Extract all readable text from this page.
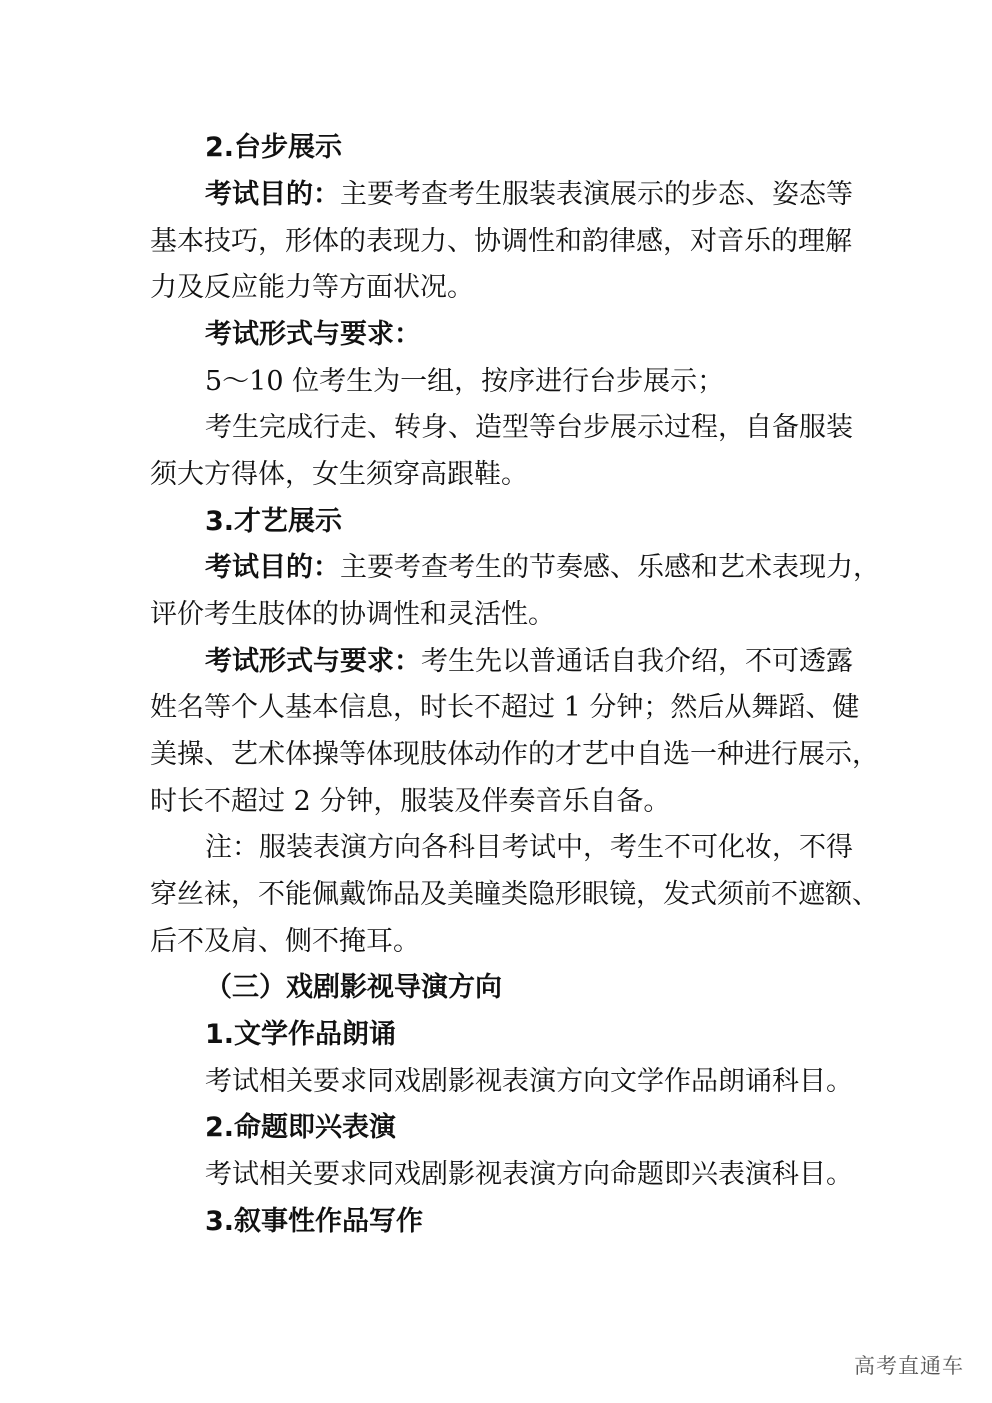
2.台步展示
考试目的：主要考查考生服装表演展示的步态、姿态等
基本技巧，形体的表现力、协调性和韵律感，对音乐的理解
力及反应能力等方面状况。
考试形式与要求：
5～10 位考生为一组，按序进行台步展示；
考生完成行走、转身、造型等台步展示过程，自备服装
须大方得体，女生须穿高跟鞋。
3.才艺展示
考试目的：主要考查考生的节奏感、乐感和艺术表现力，
评价考生肢体的协调性和灵活性。
考试形式与要求：考生先以普通话自我介绍，不可透露
姓名等个人基本信息，时长不超过 1 分钟；然后从舞蹈、健
美操、艺术体操等体现肢体动作的才艺中自选一种进行展示，
时长不超过 2 分钟，服装及伴奏音乐自备。
注：服装表演方向各科目考试中，考生不可化妆，不得
穿丝袜，不能佩戴饰品及美瞳类隐形眼镜，发式须前不遮额、
后不及肩、侧不掩耳。
（三）戏剧影视导演方向
1.文学作品朗诵
考试相关要求同戏剧影视表演方向文学作品朗诵科目。
2.命题即兴表演
考试相关要求同戏剧影视表演方向命题即兴表演科目。
3.叙事性作品写作
高考直通车
